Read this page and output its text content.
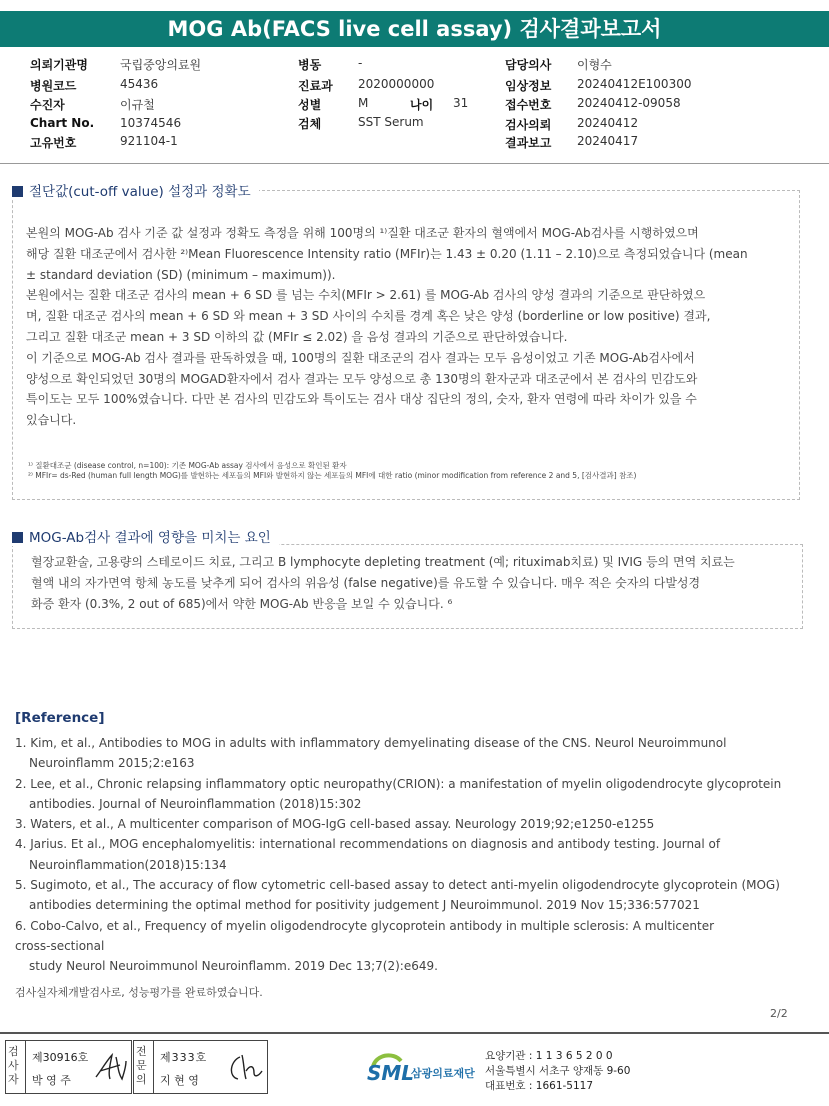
MOG Ab(FACS live cell assay) 검사결과보고서
의뢰기관명	국립중앙의료원
병원코드	45436
수진자	이규철
Chart No. 10374546
고유번호	921104-1
병동	-
진료과 2020000000
성별	M	나이 31
검체	SST Serum
담당의사 이형수
임상정보 20240412E100300
접수번호 20240412-09058
검사의뢰 20240412
결과보고 20240417
절단값(cut-off value) 설정과 정확도
본원의 MOG-Ab 검사 기준 값 설정과 정확도 측정을 위해 100명의 ¹⁾질환 대조군 환자의 혈액에서 MOG-Ab검사를 시행하였으며
해당 질환 대조군에서 검사한 ²⁾Mean Fluorescence Intensity ratio (MFIr)는 1.43 ± 0.20 (1.11 – 2.10)으로 측정되었습니다 (mean
± standard deviation (SD) (minimum – maximum)).
본원에서는 질환 대조군 검사의 mean + 6 SD 를 넘는 수치(MFIr > 2.61) 를 MOG-Ab 검사의 양성 결과의 기준으로 판단하였으
며, 질환 대조군 검사의 mean + 6 SD 와 mean + 3 SD 사이의 수치를 경계 혹은 낮은 양성 (borderline or low positive) 결과,
그리고 질환 대조군 mean + 3 SD 이하의 값 (MFIr ≤ 2.02) 을 음성 결과의 기준으로 판단하였습니다.
이 기준으로 MOG-Ab 검사 결과를 판독하였을 때, 100명의 질환 대조군의 검사 결과는 모두 음성이었고 기존 MOG-Ab검사에서
양성으로 확인되었던 30명의 MOGAD환자에서 검사 결과는 모두 양성으로 총 130명의 환자군과 대조군에서 본 검사의 민감도와
특이도는 모두 100%였습니다. 다만 본 검사의 민감도와 특이도는 검사 대상 집단의 정의, 숫자, 환자 연령에 따라 차이가 있을 수
있습니다.
¹⁾ 질환대조군 (disease control, n=100): 기존 MOG-Ab assay 검사에서 음성으로 확인된 환자
²⁾ MFIr= ds-Red (human full length MOG)를 발현하는 세포들의 MFI와 발현하지 않는 세포들의 MFI에 대한 ratio (minor modification from reference 2 and 5, [검사결과] 참조)
MOG-Ab검사 결과에 영향을 미치는 요인
혈장교환술, 고용량의 스테로이드 치료, 그리고 B lymphocyte depleting treatment (예; rituximab치료) 및 IVIG 등의 면역 치료는
혈액 내의 자가면역 항체 농도를 낮추게 되어 검사의 위음성 (false negative)를 유도할 수 있습니다. 매우 적은 숫자의 다발성경
화증 환자 (0.3%, 2 out of 685)에서 약한 MOG-Ab 반응을 보일 수 있습니다. ⁶
[Reference]
1. Kim, et al., Antibodies to MOG in adults with inflammatory demyelinating disease of the CNS. Neurol Neuroimmunol
Neuroinflamm 2015;2:e163
2. Lee, et al., Chronic relapsing inflammatory optic neuropathy(CRION): a manifestation of myelin oligodendrocyte glycoprotein
antibodies. Journal of Neuroinflammation (2018)15:302
3. Waters, et al., A multicenter comparison of MOG-IgG cell-based assay. Neurology 2019;92;e1250-e1255
4. Jarius. Et al., MOG encephalomyelitis: international recommendations on diagnosis and antibody testing. Journal of
Neuroinflammation(2018)15:134
5. Sugimoto, et al., The accuracy of flow cytometric cell-based assay to detect anti-myelin oligodendrocyte glycoprotein (MOG)
antibodies determining the optimal method for positivity judgement J Neuroimmunol. 2019 Nov 15;336:577021
6. Cobo-Calvo, et al., Frequency of myelin oligodendrocyte glycoprotein antibody in multiple sclerosis: A multicenter
cross-sectional
study Neurol Neuroimmunol Neuroinflamm. 2019 Dec 13;7(2):e649.
검사실자체개발검사로, 성능평가를 완료하였습니다.
2/2
검사자
제30916호
박 영 주
전문의
제333호
지 현 영	SML
삼광의료재단
요양기관 : 1 1 3 6 5 2 0 0
서울특별시 서초구 양재동 9-60
대표번호 : 1661-5117
